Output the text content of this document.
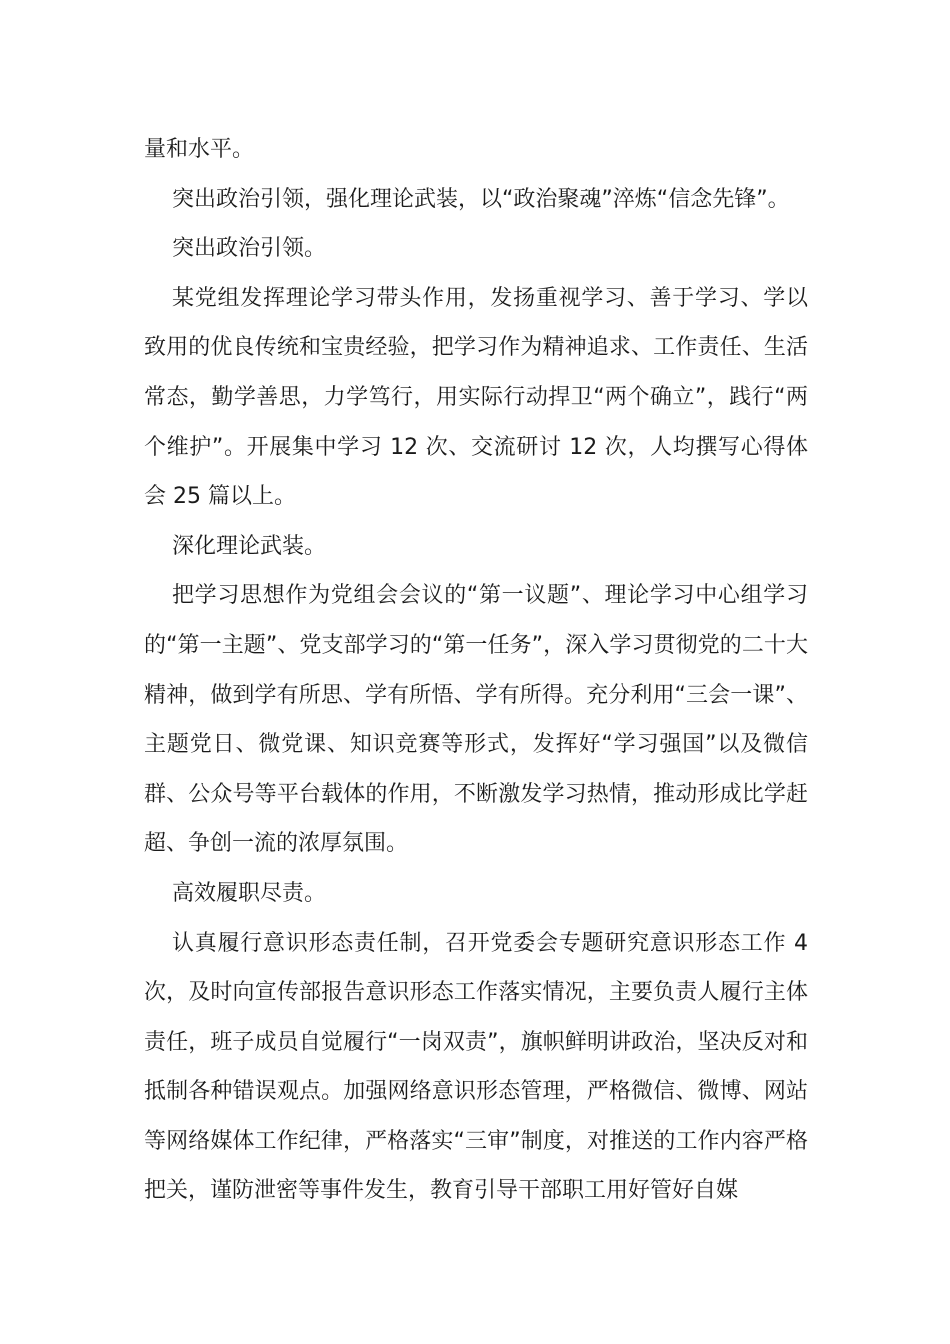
量和水平。

突出政治引领，强化理论武装，以“政治聚魂”淬炼“信念先锋”。

突出政治引领。

某党组发挥理论学习带头作用，发扬重视学习、善于学习、学以致用的优良传统和宝贵经验，把学习作为精神追求、工作责任、生活常态，勤学善思，力学笃行，用实际行动捍卫“两个确立”，践行“两个维护”。开展集中学习 12 次、交流研讨 12 次，人均撰写心得体会 25 篇以上。

深化理论武装。

把学习思想作为党组会会议的“第一议题”、理论学习中心组学习的“第一主题”、党支部学习的“第一任务”，深入学习贯彻党的二十大精神，做到学有所思、学有所悟、学有所得。充分利用“三会一课”、主题党日、微党课、知识竞赛等形式，发挥好“学习强国”以及微信群、公众号等平台载体的作用，不断激发学习热情，推动形成比学赶超、争创一流的浓厚氛围。

高效履职尽责。

认真履行意识形态责任制，召开党委会专题研究意识形态工作 4 次，及时向宣传部报告意识形态工作落实情况，主要负责人履行主体责任，班子成员自觉履行“一岗双责”，旗帜鲜明讲政治，坚决反对和抵制各种错误观点。加强网络意识形态管理，严格微信、微博、网站等网络媒体工作纪律，严格落实“三审”制度，对推送的工作内容严格把关，谨防泄密等事件发生，教育引导干部职工用好管好自媒
